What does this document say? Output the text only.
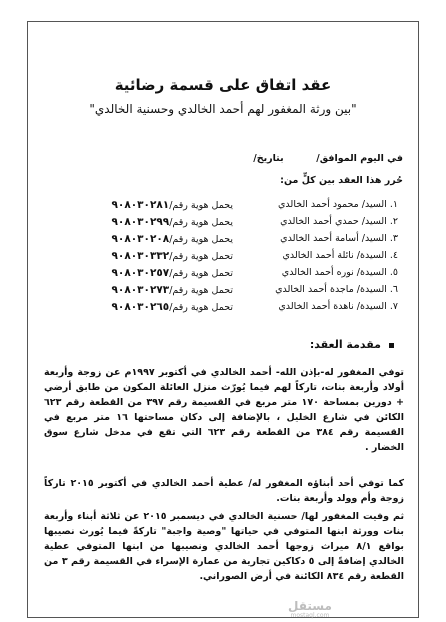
عقد اتفاق على قسمة رضائية

"بين ورثة المغفور لهم أحمد الخالدي وحسنية الخالدي"

في اليوم الموافق/  بتاريخ/
حُرر هذا العقد بين كلٍّ من:
١. السيد/ محمود أحمد الخالدي
يحمل هوية رقم/٩٠٨٠٣٠٢٨١
٢. السيد/ حمدي أحمد الخالدي
يحمل هوية رقم/٩٠٨٠٣٠٢٩٩
٣. السيد/ أسامة أحمد الخالدي
يحمل هوية رقم/٩٠٨٠٣٠٢٠٨
٤. السيدة/ نائلة أحمد الخالدي
تحمل هوية رقم/٩٠٨٠٣٠٣٣٢
٥. السيدة/ نوره أحمد الخالدي
تحمل هوية رقم/٩٠٨٠٣٠٢٥٧
٦. السيدة/ ماجدة أحمد الخالدي
تحمل هوية رقم/٩٠٨٠٣٠٢٧٣
٧. السيدة/ ناهدة أحمد الخالدي
تحمل هوية رقم/٩٠٨٠٣٠٢٦٥
مقدمة العقد:

توفي المغفور له-بإذن الله- أحمد الخالدي في أكتوبر ١٩٩٧م عن زوجة وأربعة أولاد وأربعة بنات، تاركاً لهم فيما يُورّث منزل العائلة المكون من طابق أرضي + دورين بمساحة ١٧٠ متر مربع في القسيمة رقم ٣٩٧ من القطعة رقم ٦٢٣ الكائن في شارع الخليل ، بالإضافة إلى دكان مساحتها ١٦ متر مربع في القسيمة رقم ٣٨٤ من القطعة رقم ٦٢٣ التي تقع في مدخل شارع سوق الخضار .

كما توفي أحد أبناؤه المغفور له/ عطية أحمد الخالدي في أكتوبر ٢٠١٥ تاركاً زوجة وأم وولد وأربعة بنات.

ثم وفيت المغفور لها/ حسنية الخالدي في ديسمبر ٢٠١٥ عن ثلاثة أبناء وأربعة بنات وورثة ابنها المتوفي في حياتها "وصية واجبة" تاركةً فيما يُورث نصيبها بواقع ٨/١ ميراث زوجها أحمد الخالدي ونصيبها من ابنها المتوفي عطية الخالدي إضافةً إلى ٥ دكاكين تجارية من عمارة الإسراء في القسيمة رقم ٣ من القطعة رقم ٨٣٤ الكائنة في أرض الصوراني.

مستقل
mostaql.com
